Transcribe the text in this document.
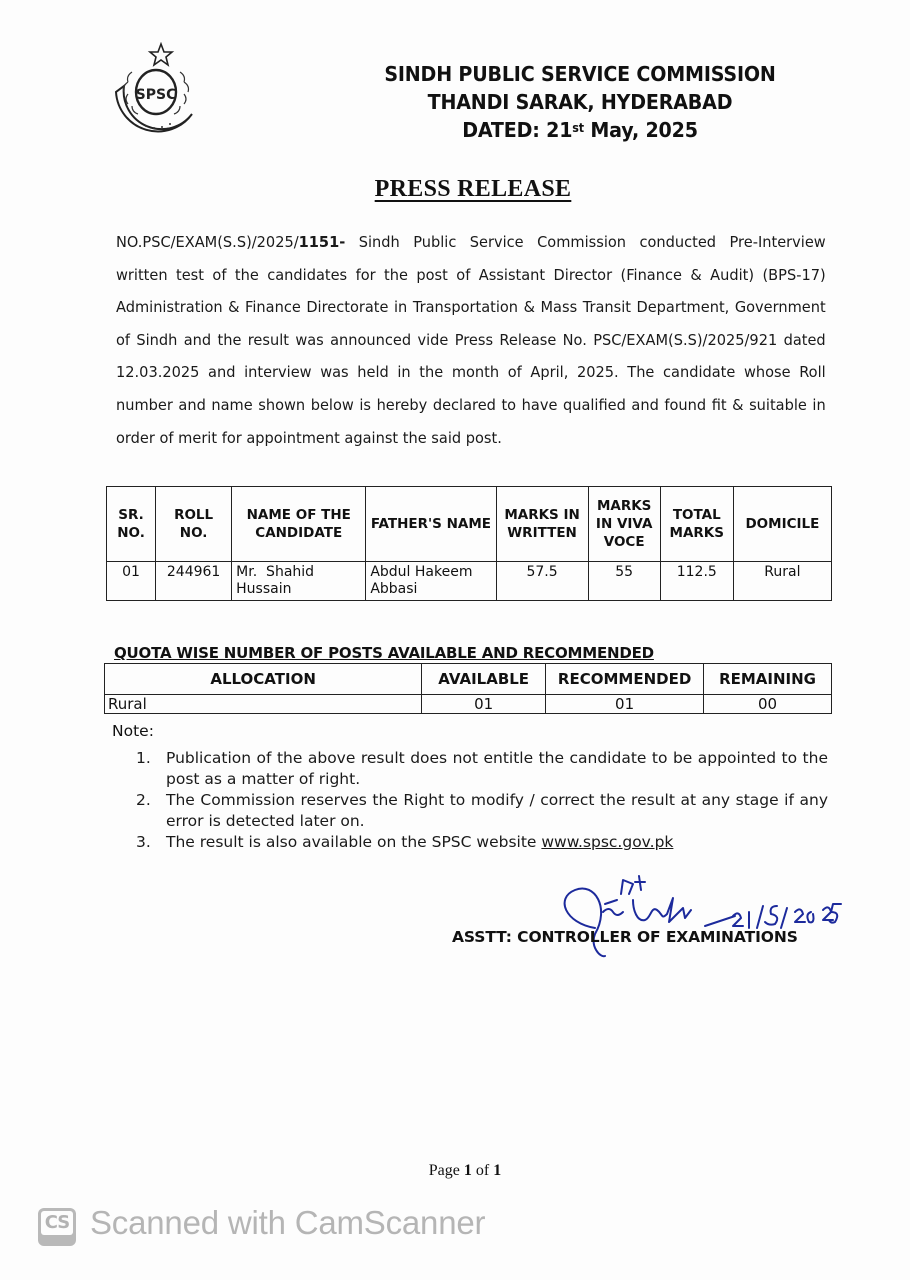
SPSC
SINDH PUBLIC SERVICE COMMISSION
THANDI SARAK, HYDERABAD
DATED: 21st May, 2025
PRESS RELEASE
NO.PSC/EXAM(S.S)/2025/1151- Sindh Public Service Commission conducted Pre-Interview written test of the candidates for the post of Assistant Director (Finance & Audit) (BPS-17) Administration & Finance Directorate in Transportation & Mass Transit Department, Government of Sindh and the result was announced vide Press Release No. PSC/EXAM(S.S)/2025/921 dated 12.03.2025 and interview was held in the month of April, 2025. The candidate whose Roll number and name shown below is hereby declared to have qualified and found fit & suitable in order of merit for appointment against the said post.
SR. NO.	ROLL NO.	NAME OF THE CANDIDATE	FATHER'S NAME	MARKS IN WRITTEN	MARKS IN VIVA VOCE	TOTAL MARKS	DOMICILE
01	244961	Mr.  Shahid Hussain	Abdul Hakeem Abbasi	57.5	55	112.5	Rural
QUOTA WISE NUMBER OF POSTS AVAILABLE AND RECOMMENDED
ALLOCATION	AVAILABLE	RECOMMENDED	REMAINING
Rural	01	01	00
Note:
1. Publication of the above result does not entitle the candidate to be appointed to the post as a matter of right.
2. The Commission reserves the Right to modify / correct the result at any stage if any error is detected later on.
3. The result is also available on the SPSC website www.spsc.gov.pk
ASSTT: CONTROLLER OF EXAMINATIONS
Page 1 of 1
CS Scanned with CamScanner
